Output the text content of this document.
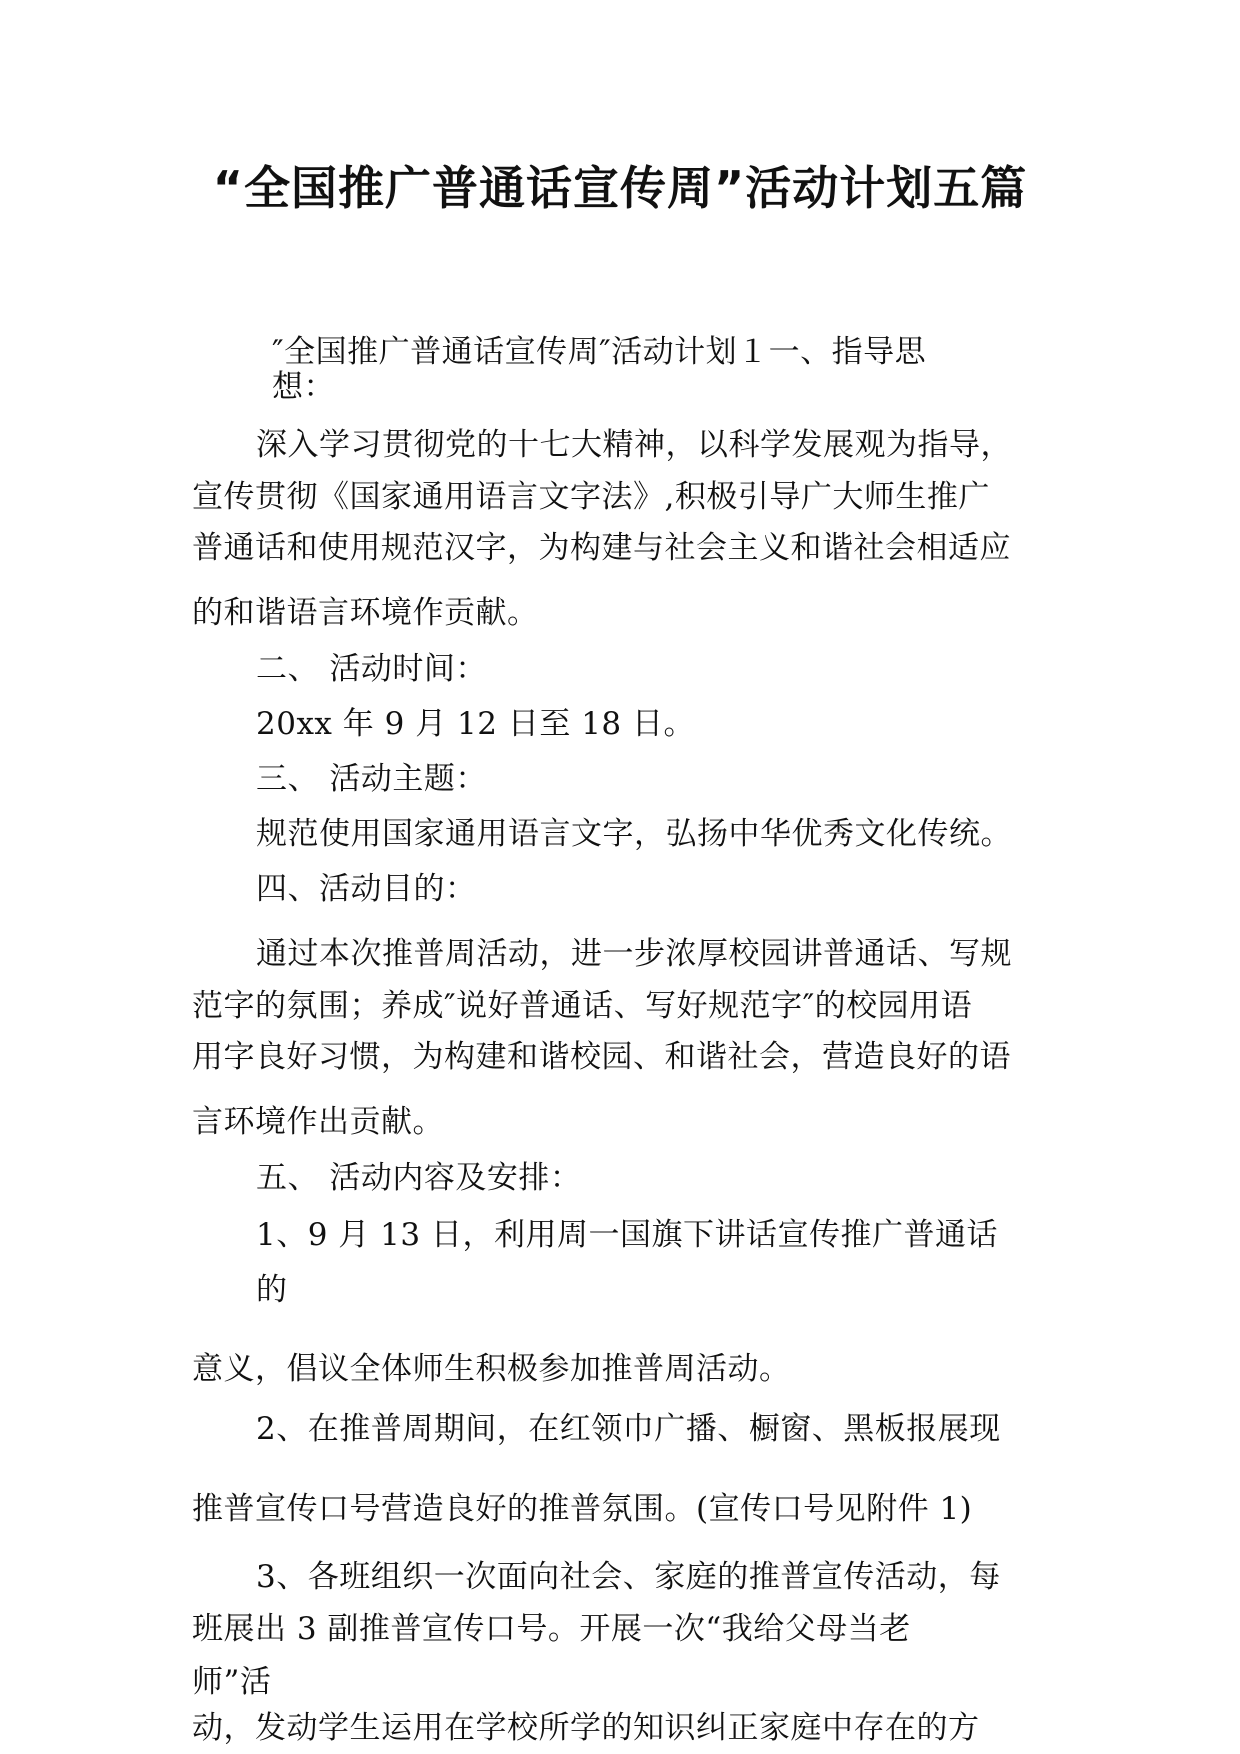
“全国推广普通话宣传周”活动计划五篇
″全国推广普通话宣传周″活动计划１一、指导思
想：
深入学习贯彻党的十七大精神，以科学发展观为指导，
宣传贯彻《国家通用语言文字法》,积极引导广大师生推广
普通话和使用规范汉字，为构建与社会主义和谐社会相适应
的和谐语言环境作贡献。
二、 活动时间：
20xx 年 9 月 12 日至 18 日。
三、 活动主题：
规范使用国家通用语言文字，弘扬中华优秀文化传统。
四、活动目的：
通过本次推普周活动，进一步浓厚校园讲普通话、写规
范字的氛围；养成″说好普通话、写好规范字″的校园用语
用字良好习惯，为构建和谐校园、和谐社会，营造良好的语
言环境作出贡献。
五、 活动内容及安排：
1、9 月 13 日，利用周一国旗下讲话宣传推广普通话
的
意义，倡议全体师生积极参加推普周活动。
2、在推普周期间，在红领巾广播、橱窗、黑板报展现
推普宣传口号营造良好的推普氛围。(宣传口号见附件 1)
3、各班组织一次面向社会、家庭的推普宣传活动，每
班展出 3 副推普宣传口号。开展一次“我给父母当老
师”活
动，发动学生运用在学校所学的知识纠正家庭中存在的方
